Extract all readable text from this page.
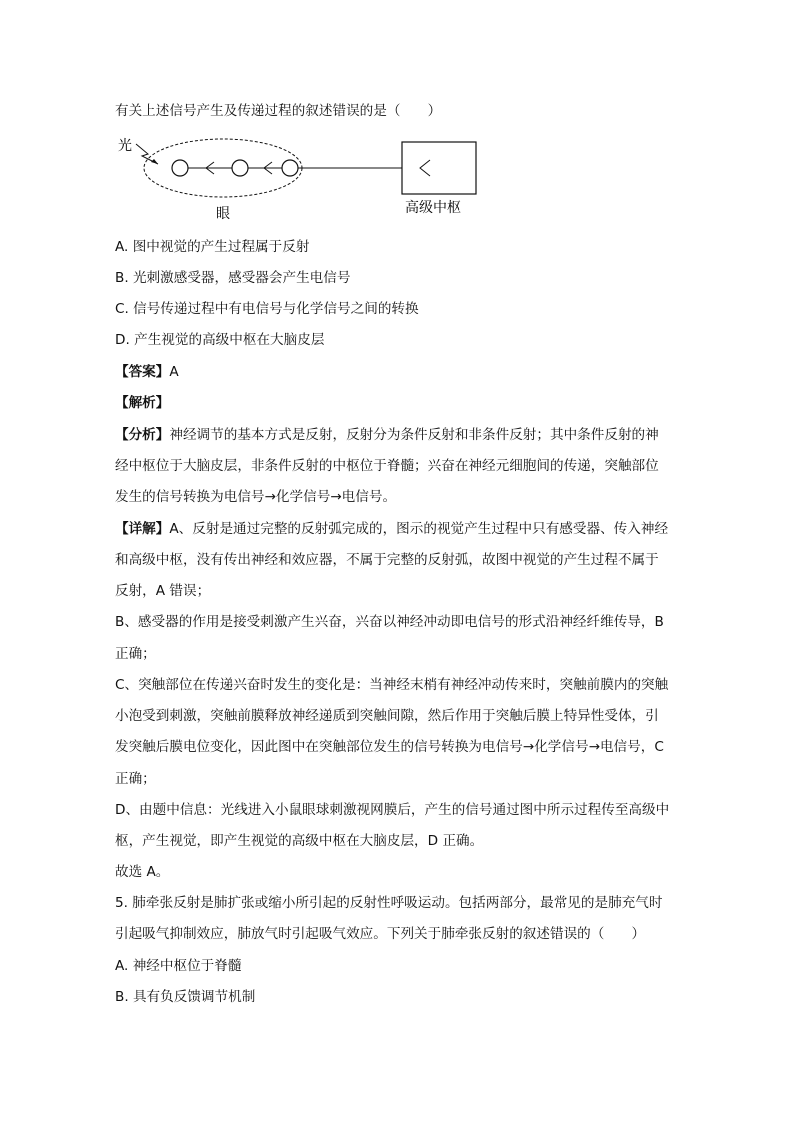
有关上述信号产生及传递过程的叙述错误的是（　　）
光
眼	高级中枢
A. 图中视觉的产生过程属于反射
B. 光刺激感受器，感受器会产生电信号
C. 信号传递过程中有电信号与化学信号之间的转换
D. 产生视觉的高级中枢在大脑皮层
【答案】A
【解析】
【分析】神经调节的基本方式是反射，反射分为条件反射和非条件反射；其中条件反射的神
经中枢位于大脑皮层，非条件反射的中枢位于脊髓；兴奋在神经元细胞间的传递，突触部位
发生的信号转换为电信号→化学信号→电信号。
【详解】A、反射是通过完整的反射弧完成的，图示的视觉产生过程中只有感受器、传入神经
和高级中枢，没有传出神经和效应器，不属于完整的反射弧，故图中视觉的产生过程不属于
反射，A 错误；
B、感受器的作用是接受刺激产生兴奋，兴奋以神经冲动即电信号的形式沿神经纤维传导，B
正确；
C、突触部位在传递兴奋时发生的变化是：当神经末梢有神经冲动传来时，突触前膜内的突触
小泡受到刺激，突触前膜释放神经递质到突触间隙，然后作用于突触后膜上特异性受体，引
发突触后膜电位变化，因此图中在突触部位发生的信号转换为电信号→化学信号→电信号，C
正确；
D、由题中信息：光线进入小鼠眼球刺激视网膜后，产生的信号通过图中所示过程传至高级中
枢，产生视觉，即产生视觉的高级中枢在大脑皮层，D 正确。
故选 A。
5. 肺牵张反射是肺扩张或缩小所引起的反射性呼吸运动。包括两部分，最常见的是肺充气时
引起吸气抑制效应，肺放气时引起吸气效应。下列关于肺牵张反射的叙述错误的（　　）
A. 神经中枢位于脊髓
B. 具有负反馈调节机制
